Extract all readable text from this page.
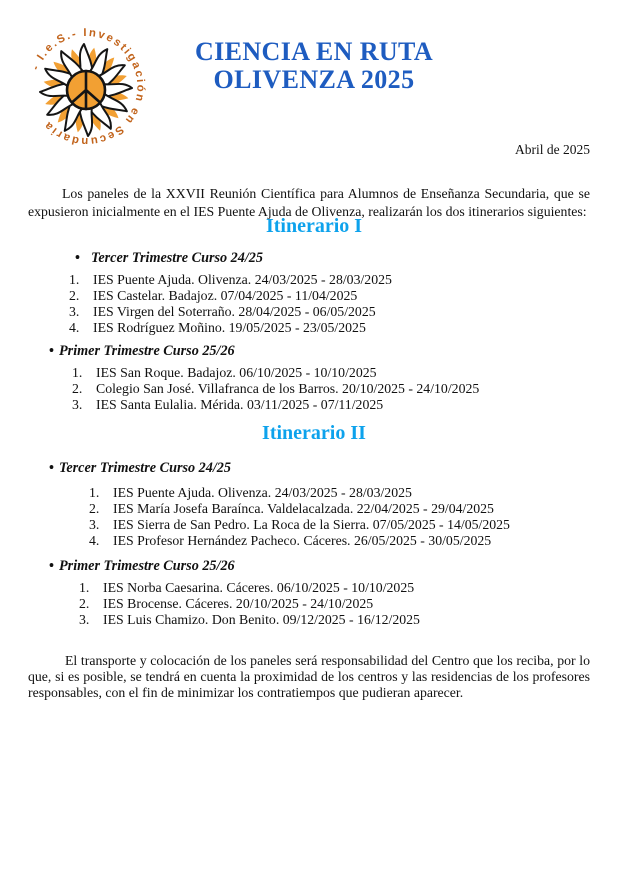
- I.e.S.- Investigación en Secundaria
CIENCIA EN RUTA
OLIVENZA 2025
Abril de 2025

Los paneles de la XXVII Reunión Científica para Alumnos de Enseñanza Secundaria, que se expusieron inicialmente en el IES Puente Ajuda de Olivenza, realizarán los dos itinerarios siguientes:

Itinerario I
• Tercer Trimestre Curso 24/25
1. IES Puente Ajuda. Olivenza. 24/03/2025 - 28/03/2025
2. IES Castelar. Badajoz. 07/04/2025 - 11/04/2025
3. IES Virgen del Soterraño. 28/04/2025 - 06/05/2025
4. IES Rodríguez Moñino. 19/05/2025 - 23/05/2025
• Primer Trimestre Curso 25/26
1. IES San Roque. Badajoz. 06/10/2025 - 10/10/2025
2. Colegio San José. Villafranca de los Barros. 20/10/2025 - 24/10/2025
3. IES Santa Eulalia. Mérida. 03/11/2025 - 07/11/2025
Itinerario II
• Tercer Trimestre Curso 24/25
1. IES Puente Ajuda. Olivenza. 24/03/2025 - 28/03/2025
2. IES María Josefa Baraínca. Valdelacalzada. 22/04/2025 - 29/04/2025
3. IES Sierra de San Pedro. La Roca de la Sierra. 07/05/2025 - 14/05/2025
4. IES Profesor Hernández Pacheco. Cáceres. 26/05/2025 - 30/05/2025
• Primer Trimestre Curso 25/26
1. IES Norba Caesarina. Cáceres. 06/10/2025 - 10/10/2025
2. IES Brocense. Cáceres. 20/10/2025 - 24/10/2025
3. IES Luis Chamizo. Don Benito. 09/12/2025 - 16/12/2025

El transporte y colocación de los paneles será responsabilidad del Centro que los reciba, por lo que, si es posible, se tendrá en cuenta la proximidad de los centros y las residencias de los profesores responsables, con el fin de minimizar los contratiempos que pudieran aparecer.
